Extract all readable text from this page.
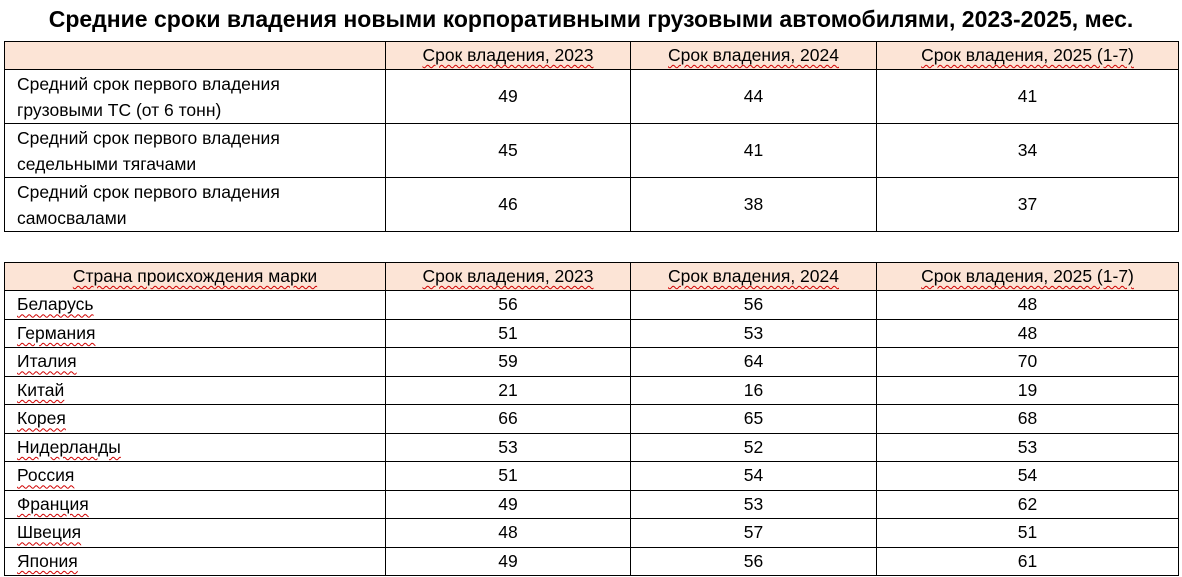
Средние сроки владения новыми корпоративными грузовыми автомобилями, 2023-2025, мес.
	Срок владения, 2023	Срок владения, 2024	Срок владения, 2025 (1-7)
Средний срок первого владения грузовыми ТС (от 6 тонн)	49	44	41
Средний срок первого владения седельными тягачами	45	41	34
Средний срок первого владения самосвалами	46	38	37
Страна происхождения марки	Срок владения, 2023	Срок владения, 2024	Срок владения, 2025 (1-7)
Беларусь	56	56	48
Германия	51	53	48
Италия	59	64	70
Китай	21	16	19
Корея	66	65	68
Нидерланды	53	52	53
Россия	51	54	54
Франция	49	53	62
Швеция	48	57	51
Япония	49	56	61
